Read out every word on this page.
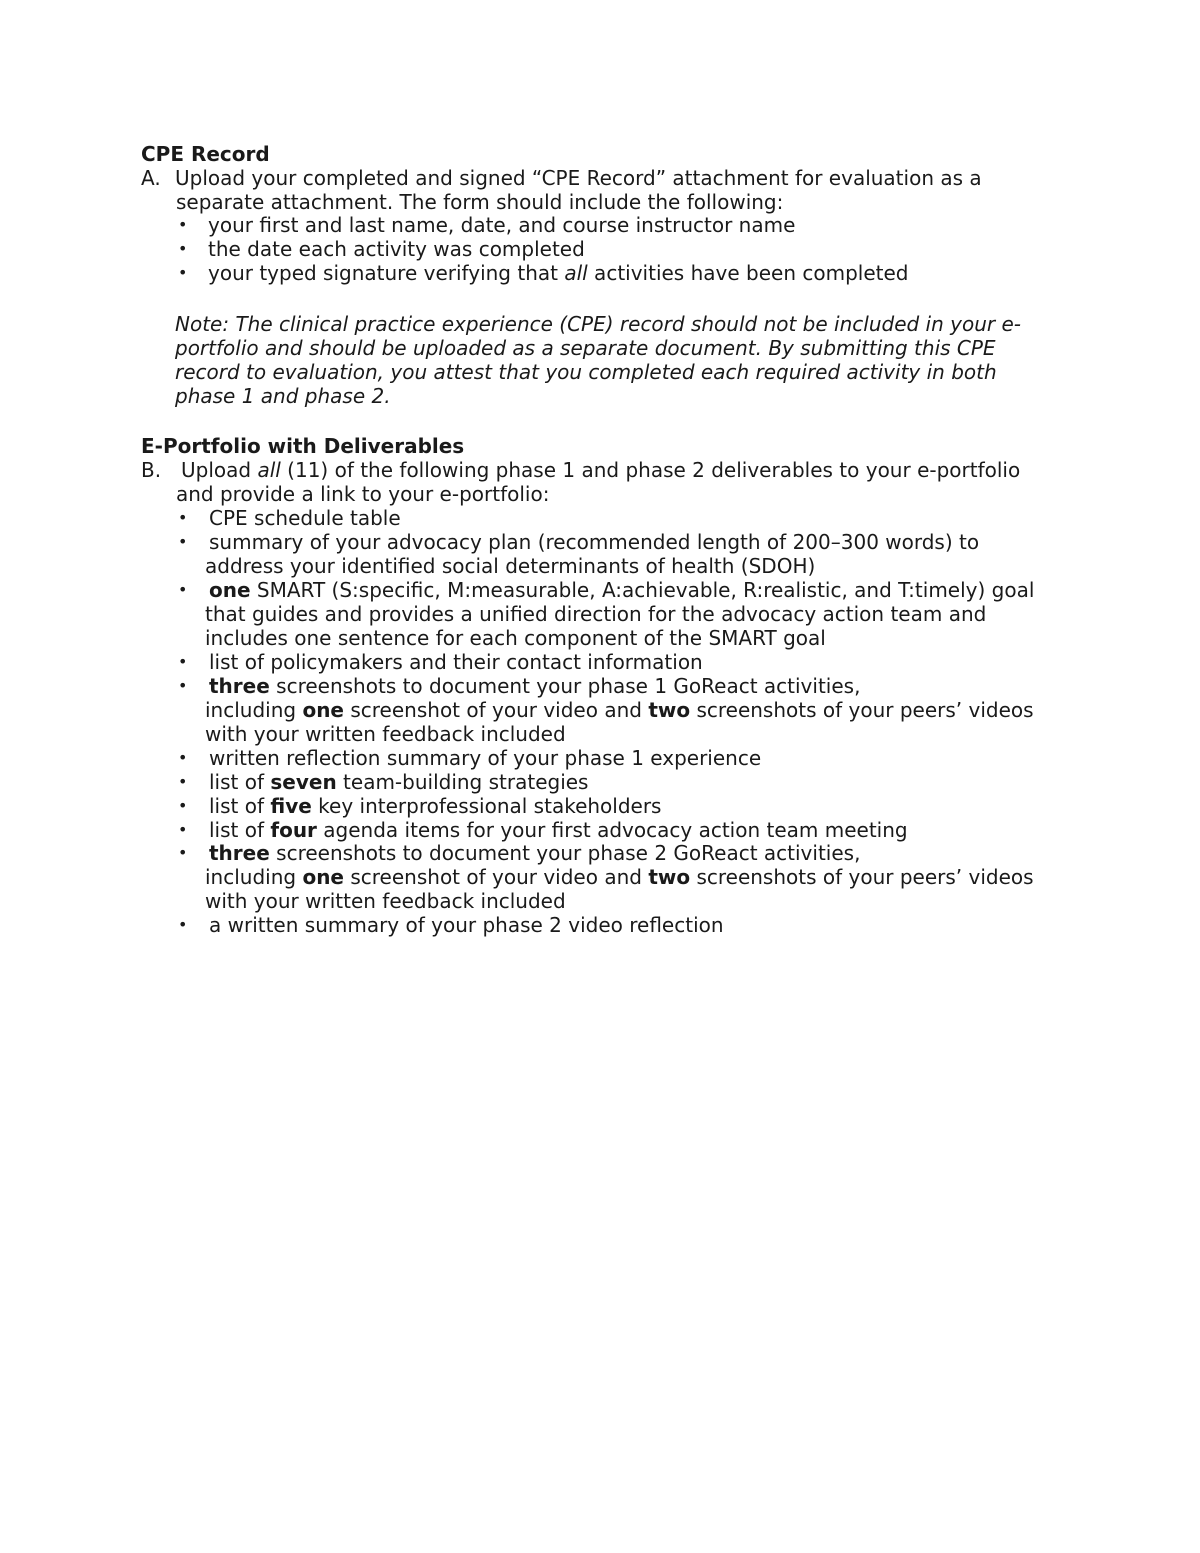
CPE Record
A. Upload your completed and signed “CPE Record” attachment for evaluation as a
separate attachment. The form should include the following:
• your first and last name, date, and course instructor name
• the date each activity was completed
• your typed signature verifying that all activities have been completed
Note: The clinical practice experience (CPE) record should not be included in your e-
portfolio and should be uploaded as a separate document. By submitting this CPE
record to evaluation, you attest that you completed each required activity in both
phase 1 and phase 2.
E-Portfolio with Deliverables
B. Upload all (11) of the following phase 1 and phase 2 deliverables to your e-portfolio
and provide a link to your e-portfolio:
• CPE schedule table
• summary of your advocacy plan (recommended length of 200–300 words) to
address your identified social determinants of health (SDOH)
• one SMART (S:specific, M:measurable, A:achievable, R:realistic, and T:timely) goal
that guides and provides a unified direction for the advocacy action team and
includes one sentence for each component of the SMART goal
• list of policymakers and their contact information
• three screenshots to document your phase 1 GoReact activities,
including one screenshot of your video and two screenshots of your peers’ videos
with your written feedback included
• written reflection summary of your phase 1 experience
• list of seven team-building strategies
• list of five key interprofessional stakeholders
• list of four agenda items for your first advocacy action team meeting
• three screenshots to document your phase 2 GoReact activities,
including one screenshot of your video and two screenshots of your peers’ videos
with your written feedback included
• a written summary of your phase 2 video reflection
